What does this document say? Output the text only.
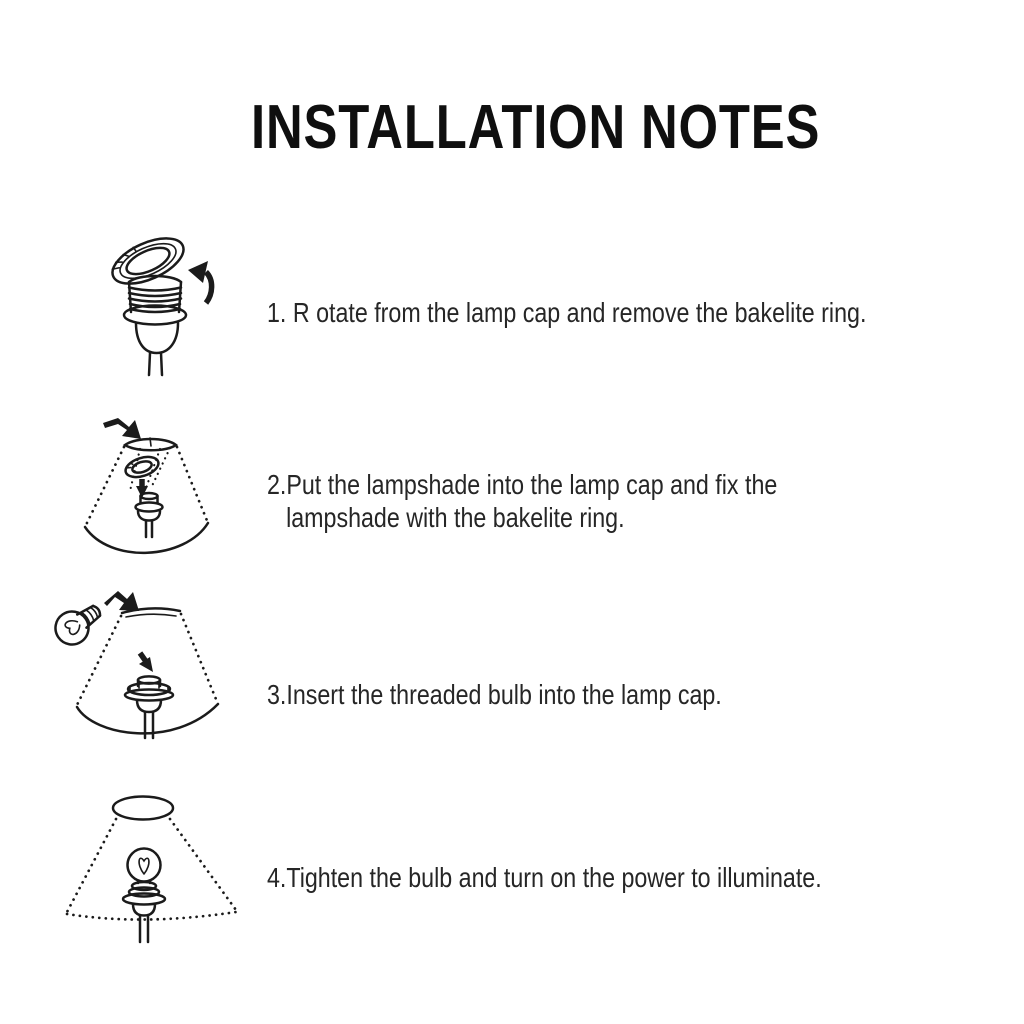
INSTALLATION NOTES

1. R otate from the lamp cap and remove the bakelite ring.

2.Put the lampshade into the lamp cap and fix the lampshade with the bakelite ring.

3.Insert the threaded bulb into the lamp cap.

4.Tighten the bulb and turn on the power to illuminate.
